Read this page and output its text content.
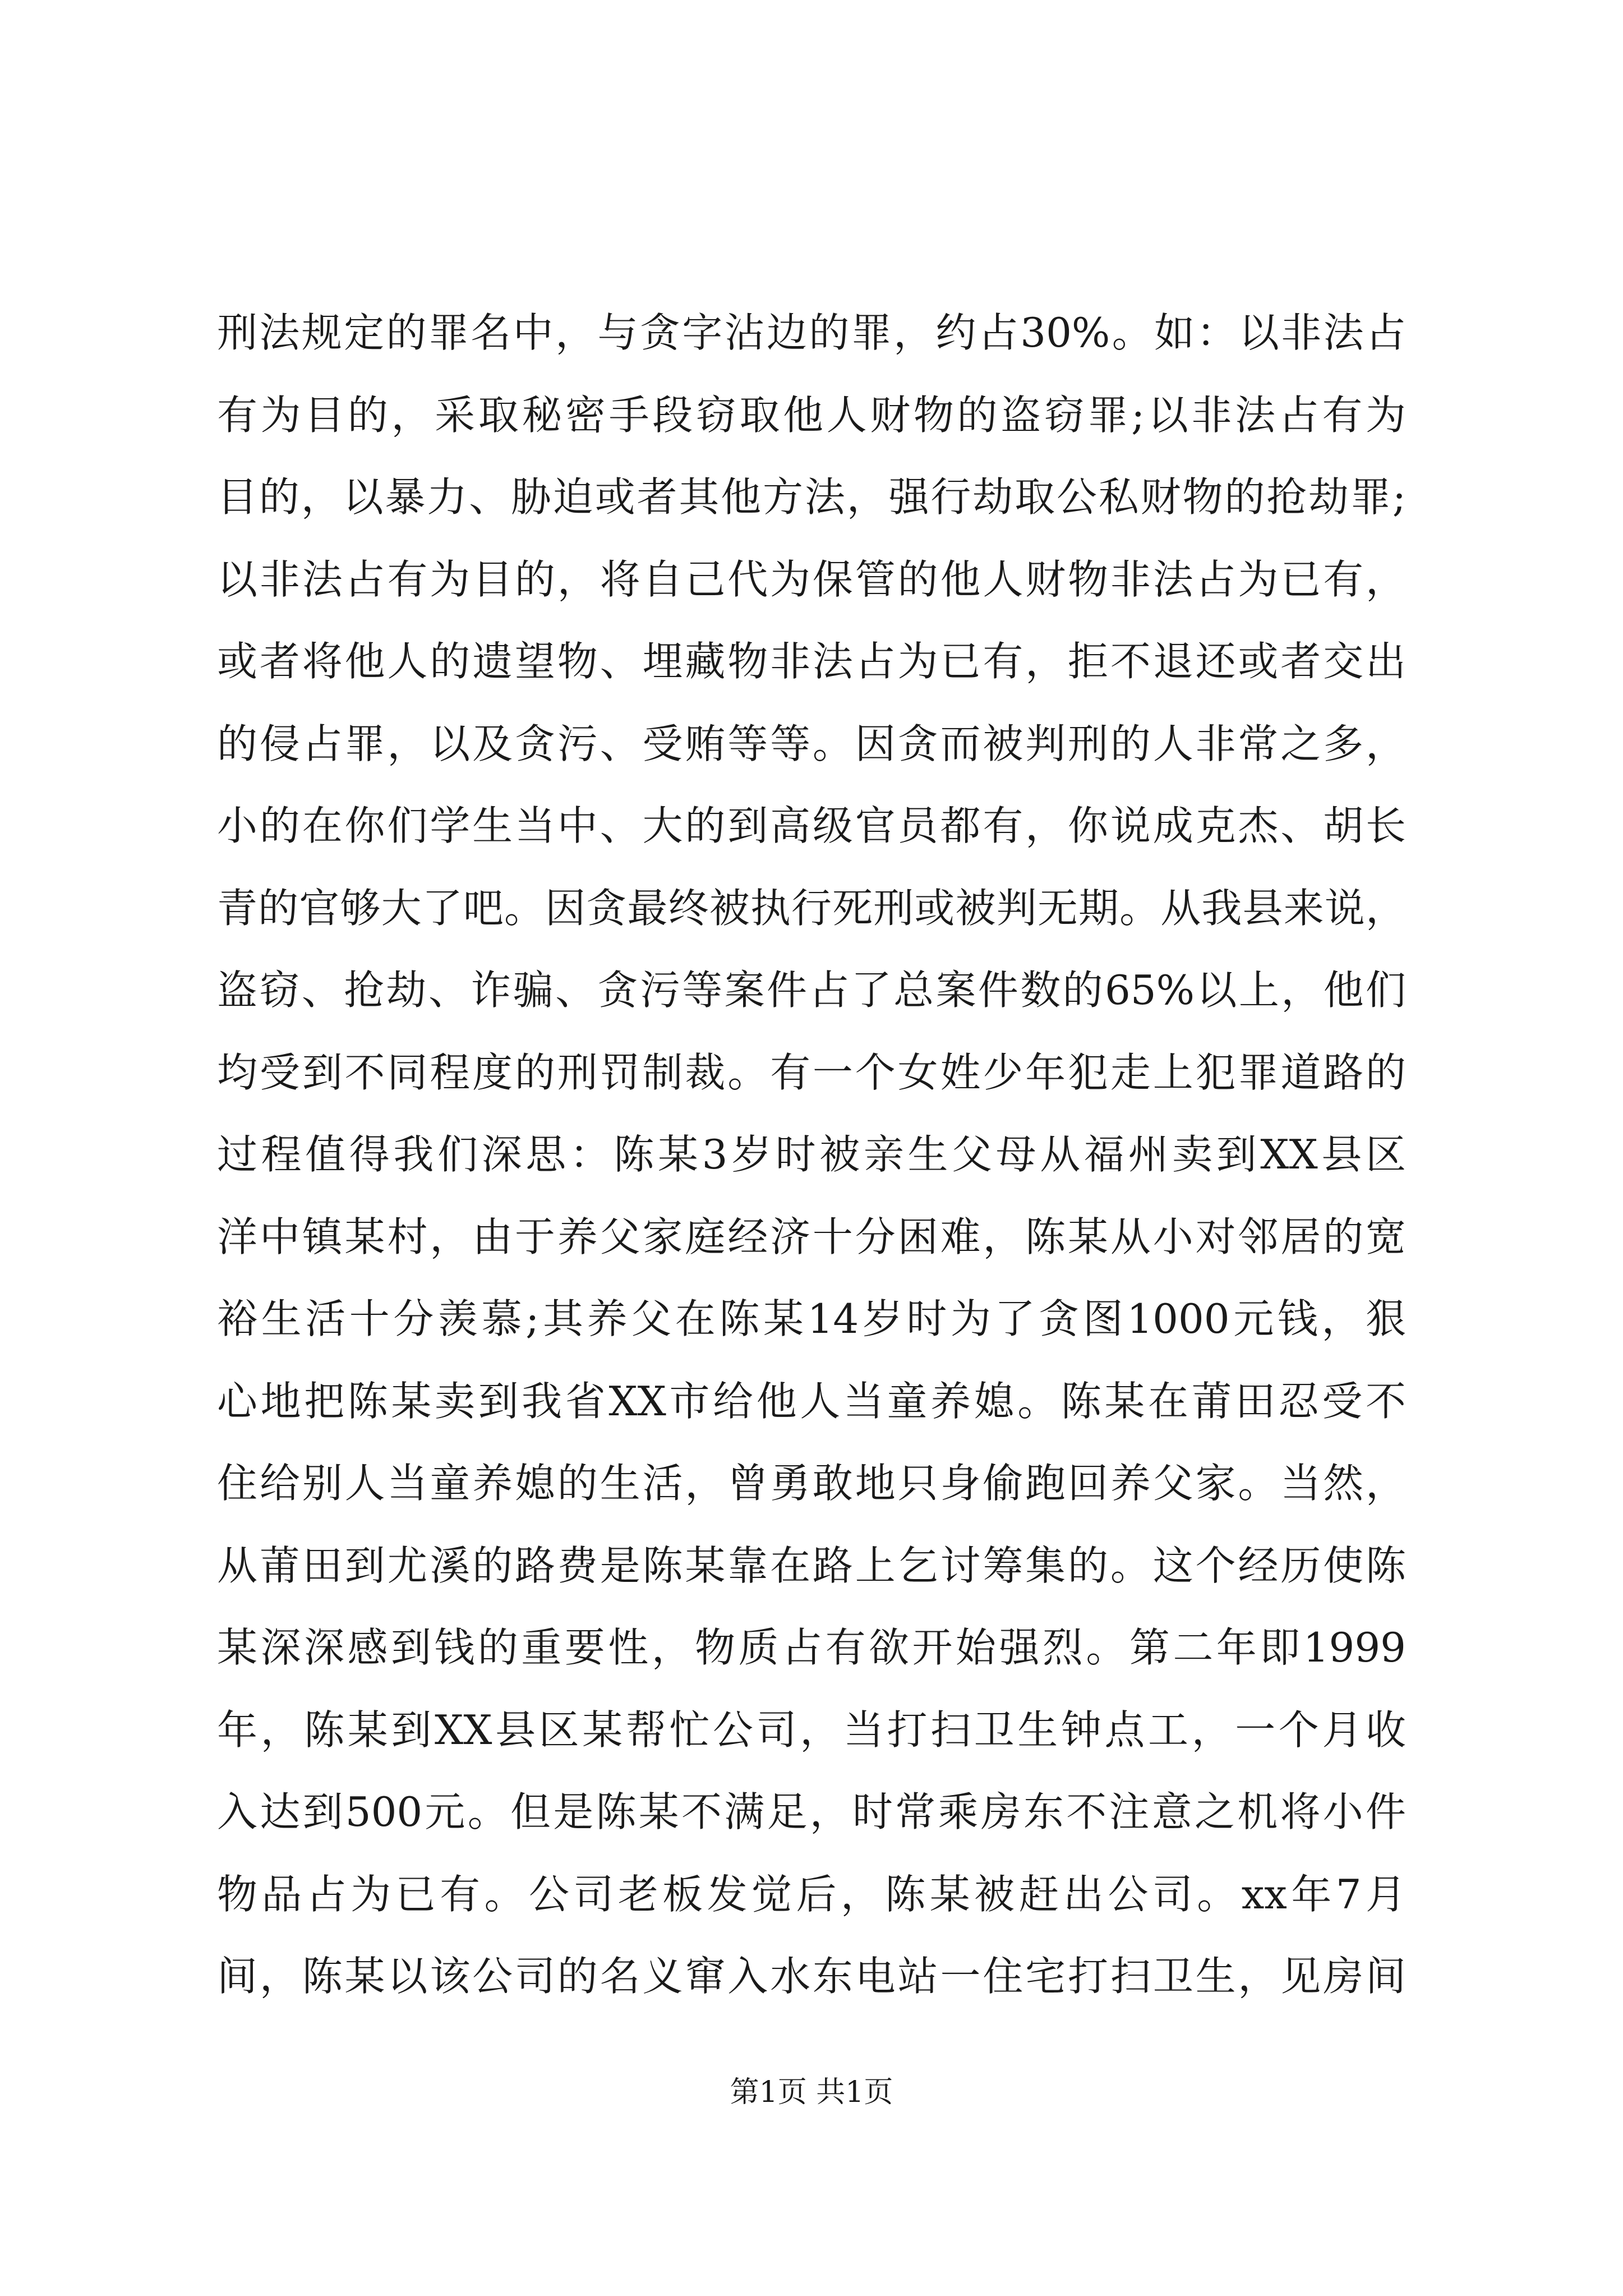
刑法规定的罪名中，与贪字沾边的罪，约占30%。如：以非法占
有为目的，采取秘密手段窃取他人财物的盗窃罪;以非法占有为
目的，以暴力、胁迫或者其他方法，强行劫取公私财物的抢劫罪;
以非法占有为目的，将自己代为保管的他人财物非法占为已有，
或者将他人的遗望物、埋藏物非法占为已有，拒不退还或者交出
的侵占罪，以及贪污、受贿等等。因贪而被判刑的人非常之多，
小的在你们学生当中、大的到高级官员都有，你说成克杰、胡长
青的官够大了吧。因贪最终被执行死刑或被判无期。从我县来说，
盗窃、抢劫、诈骗、贪污等案件占了总案件数的65%以上，他们
均受到不同程度的刑罚制裁。有一个女姓少年犯走上犯罪道路的
过程值得我们深思：陈某3岁时被亲生父母从福州卖到XX县区
洋中镇某村，由于养父家庭经济十分困难，陈某从小对邻居的宽
裕生活十分羡慕;其养父在陈某14岁时为了贪图1000元钱，狠
心地把陈某卖到我省XX市给他人当童养媳。陈某在莆田忍受不
住给别人当童养媳的生活，曾勇敢地只身偷跑回养父家。当然，
从莆田到尤溪的路费是陈某靠在路上乞讨筹集的。这个经历使陈
某深深感到钱的重要性，物质占有欲开始强烈。第二年即1999
年，陈某到XX县区某帮忙公司，当打扫卫生钟点工，一个月收
入达到500元。但是陈某不满足，时常乘房东不注意之机将小件
物品占为已有。公司老板发觉后，陈某被赶出公司。xx年7月
间，陈某以该公司的名义窜入水东电站一住宅打扫卫生，见房间
第1页 共1页
